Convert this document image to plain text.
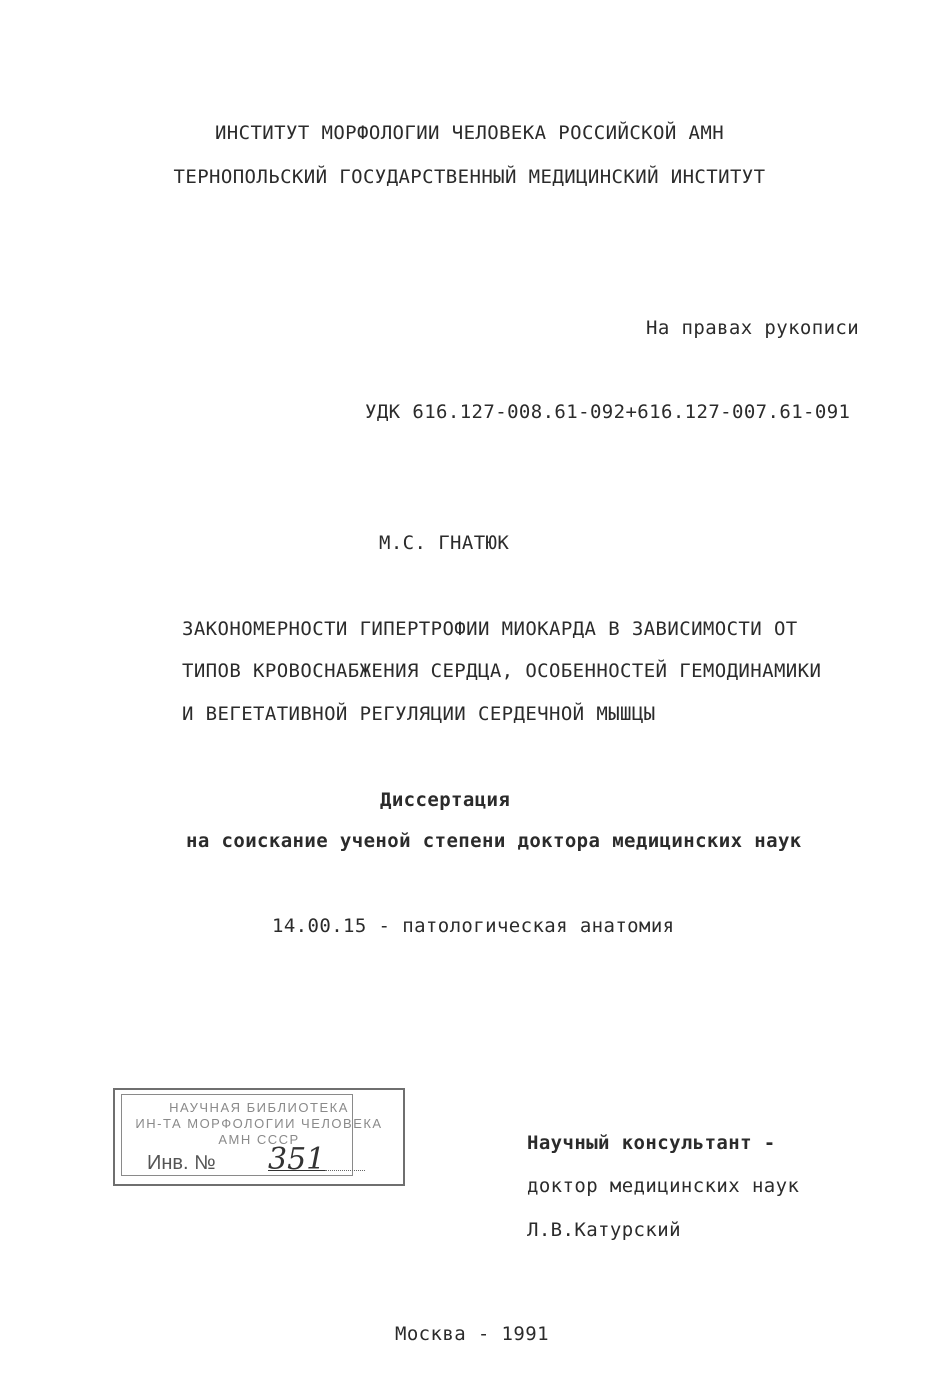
ИНСТИТУТ МОРФОЛОГИИ ЧЕЛОВЕКА РОССИЙСКОЙ АМН
ТЕРНОПОЛЬСКИЙ ГОСУДАРСТВЕННЫЙ МЕДИЦИНСКИЙ ИНСТИТУТ
На правах рукописи
УДК 616.127-008.61-092+616.127-007.61-091
М.С. ГНАТЮК
ЗАКОНОМЕРНОСТИ ГИПЕРТРОФИИ МИОКАРДА В ЗАВИСИМОСТИ ОТ
ТИПОВ КРОВОСНАБЖЕНИЯ СЕРДЦА, ОСОБЕННОСТЕЙ ГЕМОДИНАМИКИ
И ВЕГЕТАТИВНОЙ РЕГУЛЯЦИИ СЕРДЕЧНОЙ МЫШЦЫ
Диссертация
на соискание ученой степени доктора медицинских наук
14.00.15 - патологическая анатомия
НАУЧНАЯ БИБЛИОТЕКА
ИН-ТА МОРФОЛОГИИ ЧЕЛОВЕКА
АМН СССР
Инв. № 351	Научный консультант -
доктор медицинских наук
Л.В.Катурский
Москва - 1991
